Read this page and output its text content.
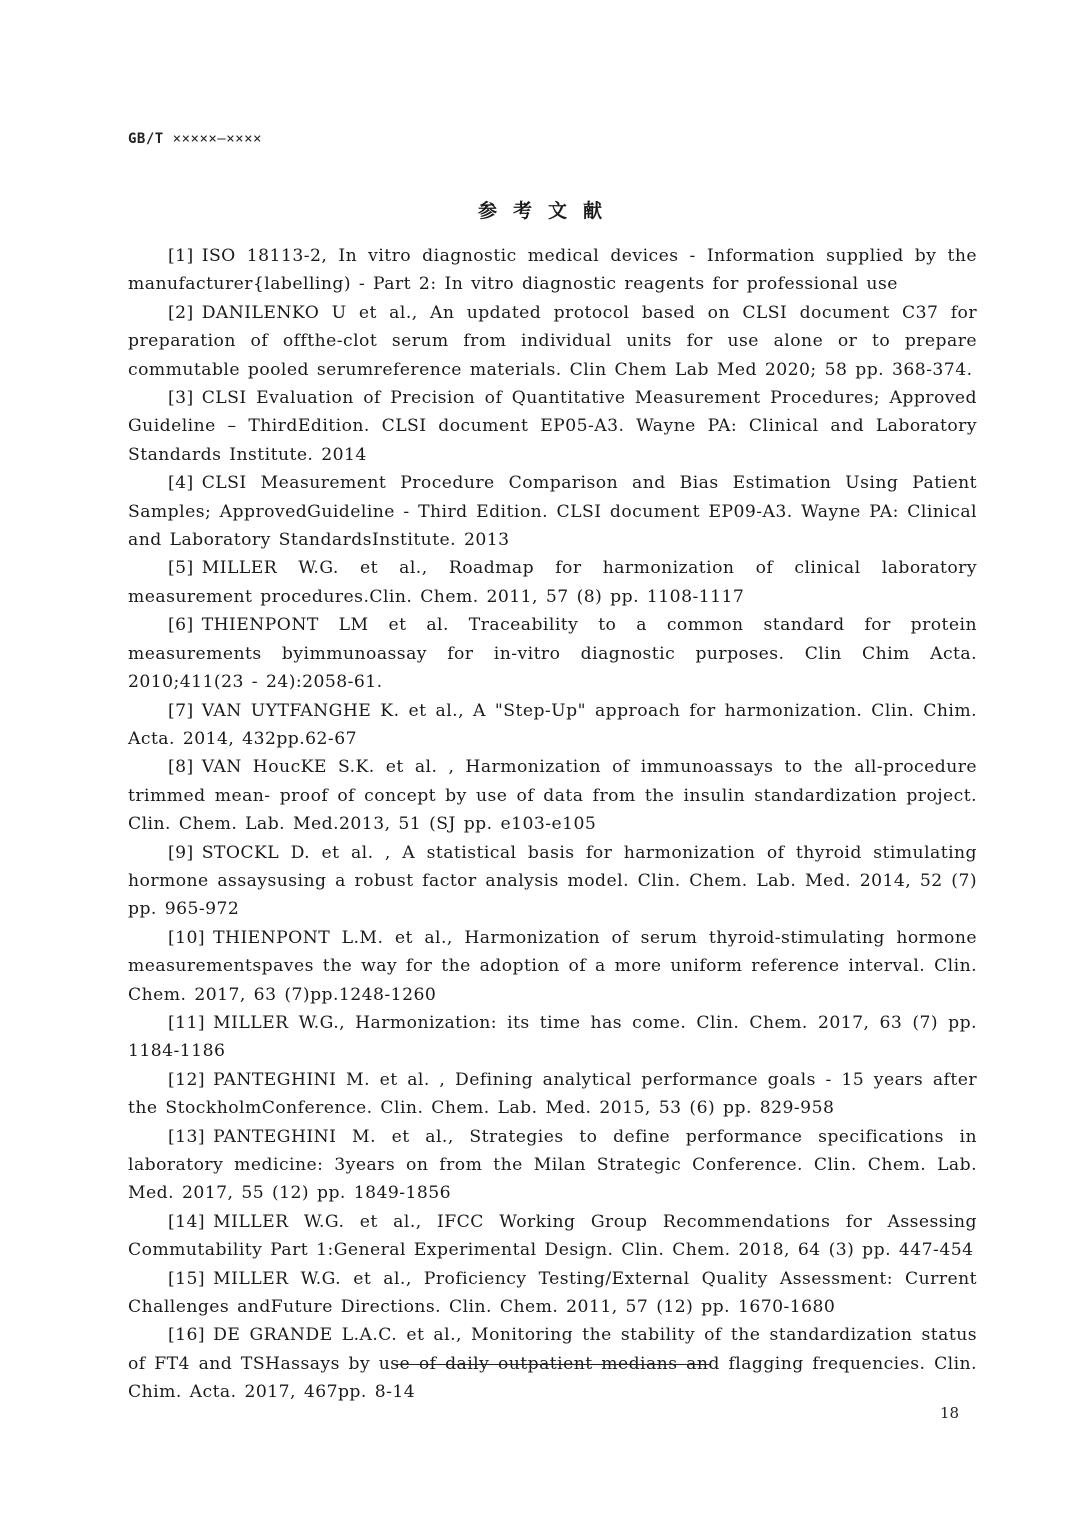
GB/T ×××××—××××
参考文献

[1] ISO 18113-2, In vitro diagnostic medical devices - Information supplied by the manufacturer{labelling) - Part 2: In vitro diagnostic reagents for professional use

[2] DANILENKO U et al., An updated protocol based on CLSI document C37 for preparation of offthe-clot serum from individual units for use alone or to prepare commutable pooled serumreference materials. Clin Chem Lab Med 2020; 58 pp. 368-374.

[3] CLSI Evaluation of Precision of Quantitative Measurement Procedures; Approved Guideline – ThirdEdition. CLSI document EP05-A3. Wayne PA: Clinical and Laboratory Standards Institute. 2014

[4] CLSI Measurement Procedure Comparison and Bias Estimation Using Patient Samples; ApprovedGuideline - Third Edition. CLSI document EP09-A3. Wayne PA: Clinical and Laboratory StandardsInstitute. 2013

[5] MILLER W.G. et al., Roadmap for harmonization of clinical laboratory measurement procedures.Clin. Chem. 2011, 57 (8) pp. 1108-1117

[6] THIENPONT LM et al. Traceability to a common standard for protein measurements byimmunoassay for in-vitro diagnostic purposes. Clin Chim Acta. 2010;411(23 - 24):2058-61.

[7] VAN UYTFANGHE K. et al., A "Step-Up" approach for harmonization. Clin. Chim. Acta. 2014, 432pp.62-67

[8] VAN HoucKE S.K. et al. , Harmonization of immunoassays to the all-procedure trimmed mean- proof of concept by use of data from the insulin standardization project. Clin. Chem. Lab. Med.2013, 51 (SJ pp. e103-e105

[9] STOCKL D. et al. , A statistical basis for harmonization of thyroid stimulating hormone assaysusing a robust factor analysis model. Clin. Chem. Lab. Med. 2014, 52 (7) pp. 965-972

[10] THIENPONT L.M. et al., Harmonization of serum thyroid-stimulating hormone measurementspaves the way for the adoption of a more uniform reference interval. Clin. Chem. 2017, 63 (7)pp.1248-1260

[11] MILLER W.G., Harmonization: its time has come. Clin. Chem. 2017, 63 (7) pp. 1184-1186

[12] PANTEGHINI M. et al. , Defining analytical performance goals - 15 years after the StockholmConference. Clin. Chem. Lab. Med. 2015, 53 (6) pp. 829-958

[13] PANTEGHINI M. et al., Strategies to define performance specifications in laboratory medicine: 3years on from the Milan Strategic Conference. Clin. Chem. Lab. Med. 2017, 55 (12) pp. 1849-1856

[14] MILLER W.G. et al., IFCC Working Group Recommendations for Assessing Commutability Part 1:General Experimental Design. Clin. Chem. 2018, 64 (3) pp. 447-454

[15] MILLER W.G. et al., Proficiency Testing/External Quality Assessment: Current Challenges andFuture Directions. Clin. Chem. 2011, 57 (12) pp. 1670-1680

[16] DE GRANDE L.A.C. et al., Monitoring the stability of the standardization status of FT4 and TSHassays by use of daily outpatient medians and flagging frequencies. Clin. Chim. Acta. 2017, 467pp. 8-14

18
